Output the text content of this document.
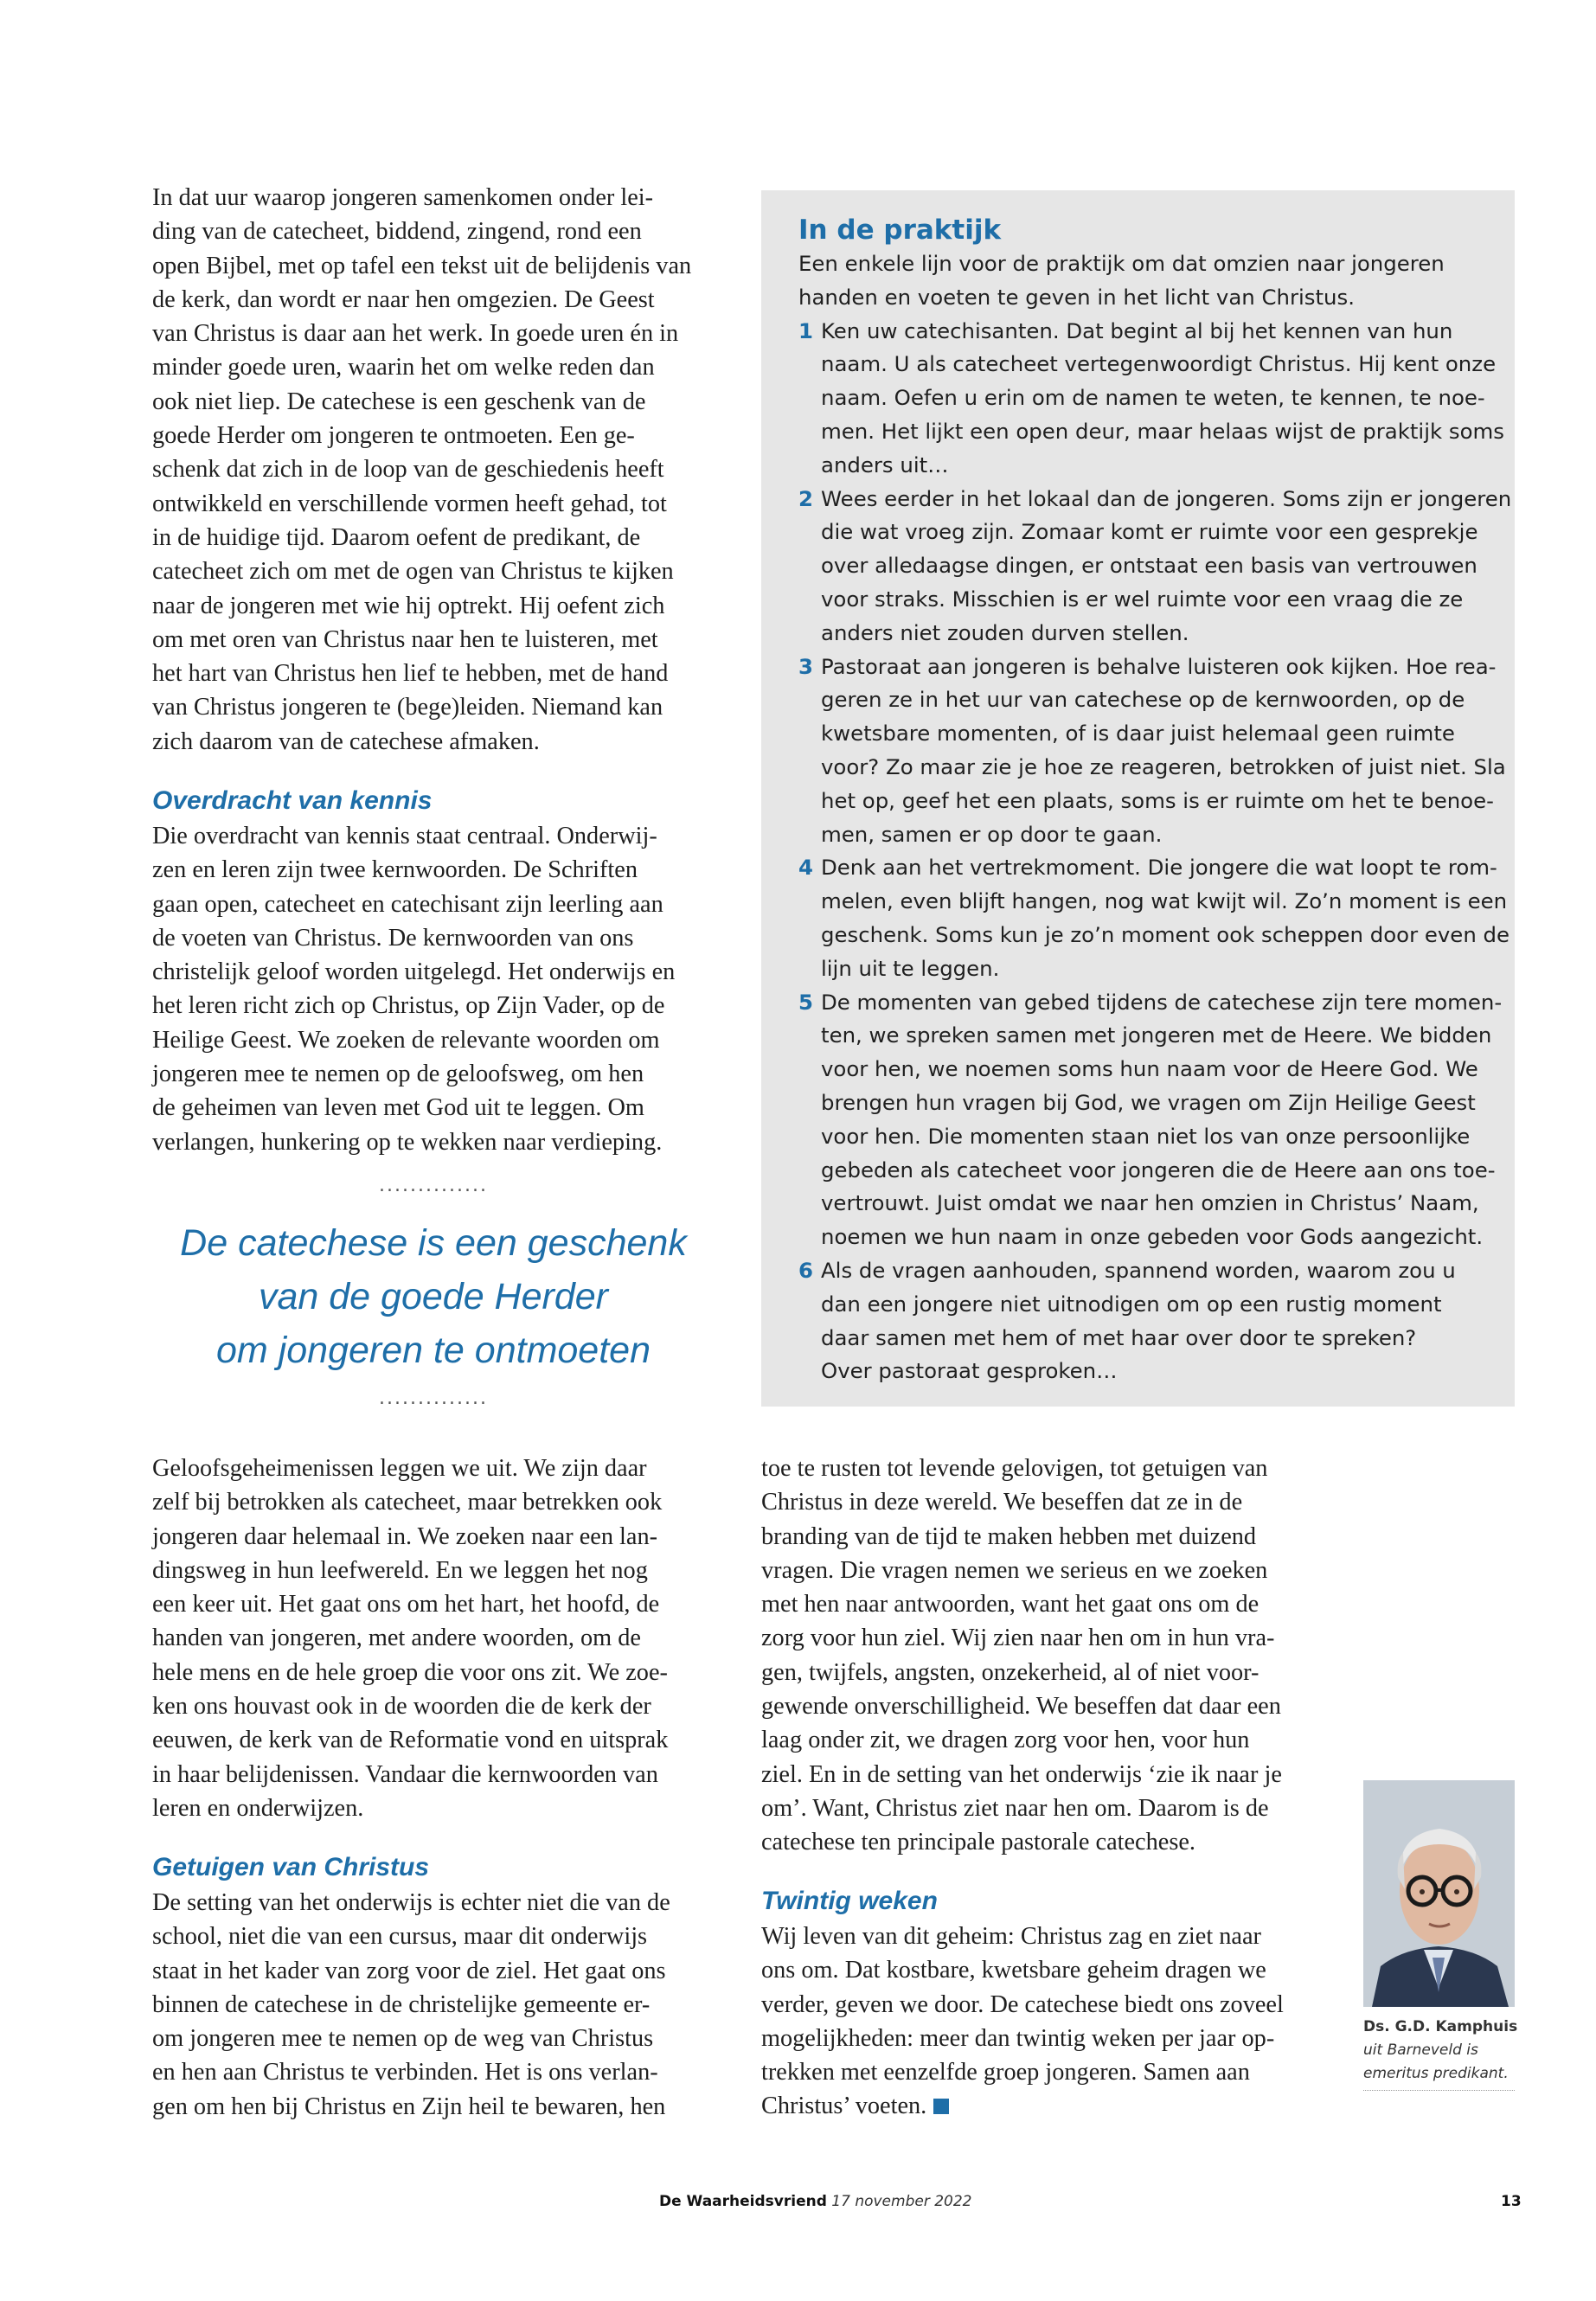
In dat uur waarop jongeren samenkomen onder lei-
ding van de catecheet, biddend, zingend, rond een
open Bijbel, met op tafel een tekst uit de belijdenis van
de kerk, dan wordt er naar hen omgezien. De Geest
van Christus is daar aan het werk. In goede uren én in
minder goede uren, waarin het om welke reden dan
ook niet liep. De catechese is een geschenk van de
goede Herder om jongeren te ontmoeten. Een ge-
schenk dat zich in de loop van de geschiedenis heeft
ontwikkeld en verschillende vormen heeft gehad, tot
in de huidige tijd. Daarom oefent de predikant, de
catecheet zich om met de ogen van Christus te kijken
naar de jongeren met wie hij optrekt. Hij oefent zich
om met oren van Christus naar hen te luisteren, met
het hart van Christus hen lief te hebben, met de hand
van Christus jongeren te (bege)leiden. Niemand kan
zich daarom van de catechese afmaken.
Overdracht van kennis
Die overdracht van kennis staat centraal. Onderwij-
zen en leren zijn twee kernwoorden. De Schriften
gaan open, catecheet en catechisant zijn leerling aan
de voeten van Christus. De kernwoorden van ons
christelijk geloof worden uitgelegd. Het onderwijs en
het leren richt zich op Christus, op Zijn Vader, op de
Heilige Geest. We zoeken de relevante woorden om
jongeren mee te nemen op de geloofsweg, om hen
de geheimen van leven met God uit te leggen. Om
verlangen, hunkering op te wekken naar verdieping.
..............
De catechese is een geschenk
van de goede Herder
om jongeren te ontmoeten
..............
In de praktijk
Een enkele lijn voor de praktijk om dat omzien naar jongeren
handen en voeten te geven in het licht van Christus.
1 Ken uw catechisanten. Dat begint al bij het kennen van hun
naam. U als catecheet vertegenwoordigt Christus. Hij kent onze
naam. Oefen u erin om de namen te weten, te kennen, te noe-
men. Het lijkt een open deur, maar helaas wijst de praktijk soms
anders uit…
2 Wees eerder in het lokaal dan de jongeren. Soms zijn er jongeren
die wat vroeg zijn. Zomaar komt er ruimte voor een gesprekje
over alledaagse dingen, er ontstaat een basis van vertrouwen
voor straks. Misschien is er wel ruimte voor een vraag die ze
anders niet zouden durven stellen.
3 Pastoraat aan jongeren is behalve luisteren ook kijken. Hoe rea-
geren ze in het uur van catechese op de kernwoorden, op de
kwetsbare momenten, of is daar juist helemaal geen ruimte
voor? Zo maar zie je hoe ze reageren, betrokken of juist niet. Sla
het op, geef het een plaats, soms is er ruimte om het te benoe-
men, samen er op door te gaan.
4 Denk aan het vertrekmoment. Die jongere die wat loopt te rom-
melen, even blijft hangen, nog wat kwijt wil. Zo’n moment is een
geschenk. Soms kun je zo’n moment ook scheppen door even de
lijn uit te leggen.
5 De momenten van gebed tijdens de catechese zijn tere momen-
ten, we spreken samen met jongeren met de Heere. We bidden
voor hen, we noemen soms hun naam voor de Heere God. We
brengen hun vragen bij God, we vragen om Zijn Heilige Geest
voor hen. Die momenten staan niet los van onze persoonlijke
gebeden als catecheet voor jongeren die de Heere aan ons toe-
vertrouwt. Juist omdat we naar hen omzien in Christus’ Naam,
noemen we hun naam in onze gebeden voor Gods aangezicht.
6 Als de vragen aanhouden, spannend worden, waarom zou u
dan een jongere niet uitnodigen om op een rustig moment
daar samen met hem of met haar over door te spreken?
Over pastoraat gesproken…
Geloofsgeheimenissen leggen we uit. We zijn daar
zelf bij betrokken als catecheet, maar betrekken ook
jongeren daar helemaal in. We zoeken naar een lan-
dingsweg in hun leefwereld. En we leggen het nog
een keer uit. Het gaat ons om het hart, het hoofd, de
handen van jongeren, met andere woorden, om de
hele mens en de hele groep die voor ons zit. We zoe-
ken ons houvast ook in de woorden die de kerk der
eeuwen, de kerk van de Reformatie vond en uitsprak
in haar belijdenissen. Vandaar die kernwoorden van
leren en onderwijzen.
Getuigen van Christus
De setting van het onderwijs is echter niet die van de
school, niet die van een cursus, maar dit onderwijs
staat in het kader van zorg voor de ziel. Het gaat ons
binnen de catechese in de christelijke gemeente er-
om jongeren mee te nemen op de weg van Christus
en hen aan Christus te verbinden. Het is ons verlan-
gen om hen bij Christus en Zijn heil te bewaren, hen
toe te rusten tot levende gelovigen, tot getuigen van
Christus in deze wereld. We beseffen dat ze in de
branding van de tijd te maken hebben met duizend
vragen. Die vragen nemen we serieus en we zoeken
met hen naar antwoorden, want het gaat ons om de
zorg voor hun ziel. Wij zien naar hen om in hun vra-
gen, twijfels, angsten, onzekerheid, al of niet voor-
gewende onverschilligheid. We beseffen dat daar een
laag onder zit, we dragen zorg voor hen, voor hun
ziel. En in de setting van het onderwijs ‘zie ik naar je
om’. Want, Christus ziet naar hen om. Daarom is de
catechese ten principale pastorale catechese.
Twintig weken
Wij leven van dit geheim: Christus zag en ziet naar
ons om. Dat kostbare, kwetsbare geheim dragen we
verder, geven we door. De catechese biedt ons zoveel
mogelijkheden: meer dan twintig weken per jaar op-
trekken met eenzelfde groep jongeren. Samen aan
Christus’ voeten.
Ds. G.D. Kamphuis
uit Barneveld is
emeritus predikant.
De Waarheidsvriend 17 november 2022	13
